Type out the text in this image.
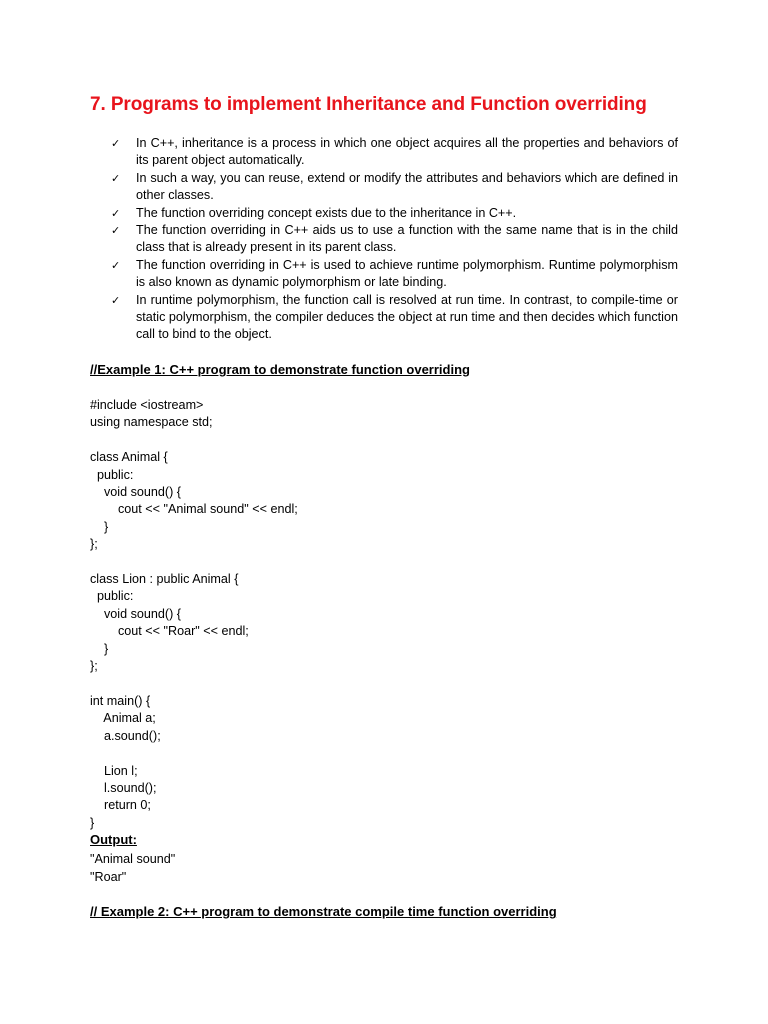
7. Programs to implement Inheritance and Function overriding
✓ In C++, inheritance is a process in which one object acquires all the properties and behaviors of its parent object automatically.
✓ In such a way, you can reuse, extend or modify the attributes and behaviors which are defined in other classes.
✓ The function overriding concept exists due to the inheritance in C++.
✓ The function overriding in C++ aids us to use a function with the same name that is in the child class that is already present in its parent class.
✓ The function overriding in C++ is used to achieve runtime polymorphism. Runtime polymorphism is also known as dynamic polymorphism or late binding.
✓ In runtime polymorphism, the function call is resolved at run time. In contrast, to compile-time or static polymorphism, the compiler deduces the object at run time and then decides which function call to bind to the object.
//Example 1: C++ program to demonstrate function overriding
#include <iostream>
using namespace std;

class Animal {
public:
void sound() {
cout << "Animal sound" << endl;
}
};

class Lion : public Animal {
public:
void sound() {
cout << "Roar" << endl;
}
};

int main() {
Animal a;
a.sound();

Lion l;
l.sound();
return 0;
}
Output:
"Animal sound"
"Roar"
// Example 2: C++ program to demonstrate compile time function overriding
